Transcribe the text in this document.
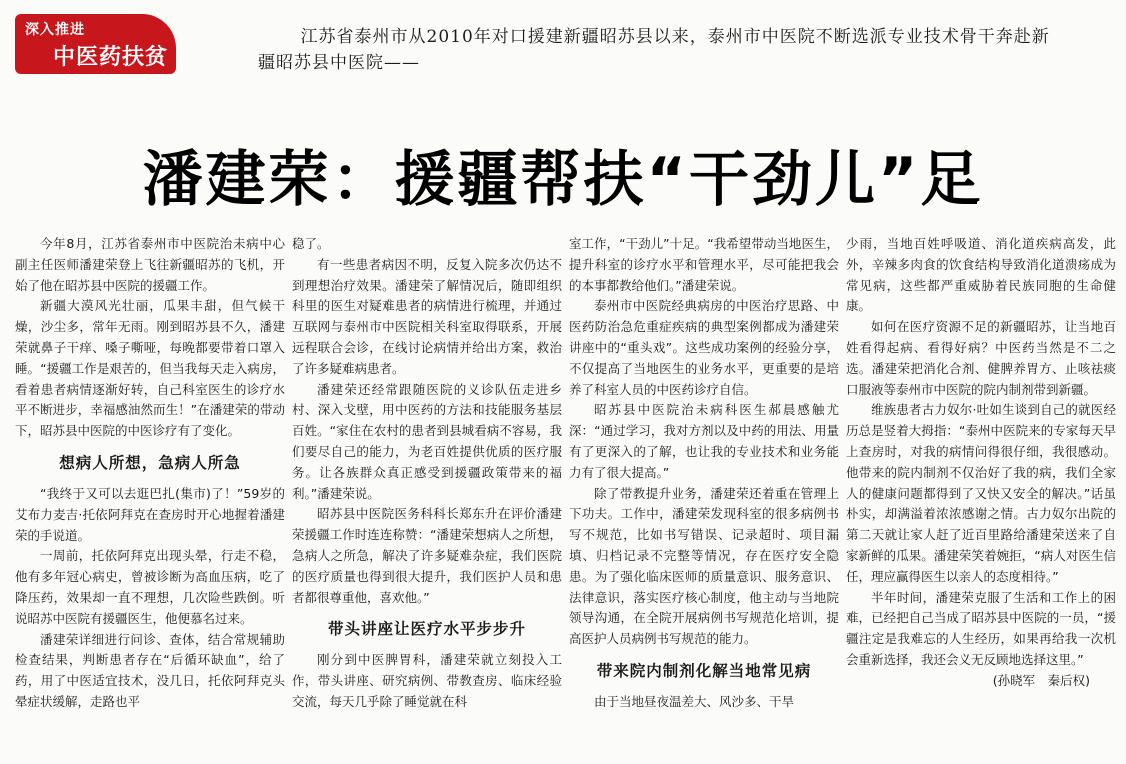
深入推进
中医药扶贫
江苏省泰州市从2010年对口援建新疆昭苏县以来，泰州市中医院不断选派专业技术骨干奔赴新疆昭苏县中医院——
潘建荣：援疆帮扶“干劲儿”足

今年8月，江苏省泰州市中医院治未病中心副主任医师潘建荣登上飞往新疆昭苏的飞机，开始了他在昭苏县中医院的援疆工作。

新疆大漠风光壮丽，瓜果丰甜，但气候干燥，沙尘多，常年无雨。刚到昭苏县不久，潘建荣就鼻子干痒、嗓子嘶哑，每晚都要带着口罩入睡。“援疆工作是艰苦的，但当我每天走入病房，看着患者病情逐渐好转，自己科室医生的诊疗水平不断进步，幸福感油然而生！”在潘建荣的带动下，昭苏县中医院的中医诊疗有了变化。

想病人所想，急病人所急

“我终于又可以去逛巴扎(集市)了！”59岁的艾布力麦吉·托依阿拜克在查房时开心地握着潘建荣的手说道。

一周前，托依阿拜克出现头晕，行走不稳，他有多年冠心病史，曾被诊断为高血压病，吃了降压药，效果却一直不理想，几次险些跌倒。听说昭苏中医院有援疆医生，他便慕名过来。

潘建荣详细进行问诊、查体，结合常规辅助检查结果，判断患者存在“后循环缺血”，给了药，用了中医适宜技术，没几日，托依阿拜克头晕症状缓解，走路也平

稳了。

有一些患者病因不明，反复入院多次仍达不到理想治疗效果。潘建荣了解情况后，随即组织科里的医生对疑难患者的病情进行梳理，并通过互联网与泰州市中医院相关科室取得联系，开展远程联合会诊，在线讨论病情并给出方案，救治了许多疑难病患者。

潘建荣还经常跟随医院的义诊队伍走进乡村、深入戈壁，用中医药的方法和技能服务基层百姓。“家住在农村的患者到县城看病不容易，我们要尽自己的能力，为老百姓提供优质的医疗服务。让各族群众真正感受到援疆政策带来的福利。”潘建荣说。

昭苏县中医院医务科科长郑东升在评价潘建荣援疆工作时连连称赞：“潘建荣想病人之所想，急病人之所急，解决了许多疑难杂症，我们医院的医疗质量也得到很大提升，我们医护人员和患者都很尊重他，喜欢他。”

带头讲座让医疗水平步步升

刚分到中医脾胃科，潘建荣就立刻投入工作，带头讲座、研究病例、带教查房、临床经验交流，每天几乎除了睡觉就在科

室工作，“干劲儿”十足。“我希望带动当地医生，提升科室的诊疗水平和管理水平，尽可能把我会的本事都教给他们。”潘建荣说。

泰州市中医院经典病房的中医治疗思路、中医药防治急危重症疾病的典型案例都成为潘建荣讲座中的“重头戏”。这些成功案例的经验分享，不仅提高了当地医生的业务水平，更重要的是培养了科室人员的中医药诊疗自信。

昭苏县中医院治未病科医生郝晨感触尤深：“通过学习，我对方剂以及中药的用法、用量有了更深入的了解，也让我的专业技术和业务能力有了很大提高。”

除了带教提升业务，潘建荣还着重在管理上下功夫。工作中，潘建荣发现科室的很多病例书写不规范，比如书写错误、记录超时、项目漏填、归档记录不完整等情况，存在医疗安全隐患。为了强化临床医师的质量意识、服务意识、法律意识，落实医疗核心制度，他主动与当地院领导沟通，在全院开展病例书写规范化培训，提高医护人员病例书写规范的能力。

带来院内制剂化解当地常见病

由于当地昼夜温差大、风沙多、干旱

少雨，当地百姓呼吸道、消化道疾病高发，此外，辛辣多肉食的饮食结构导致消化道溃疡成为常见病，这些都严重威胁着民族同胞的生命健康。

如何在医疗资源不足的新疆昭苏，让当地百姓看得起病、看得好病？中医药当然是不二之选。潘建荣把消化合剂、健脾养胃方、止咳祛痰口服液等泰州市中医院的院内制剂带到新疆。

维族患者古力奴尔·吐如生谈到自己的就医经历总是竖着大拇指：“泰州中医院来的专家每天早上查房时，对我的病情问得很仔细，我很感动。他带来的院内制剂不仅治好了我的病，我们全家人的健康问题都得到了又快又安全的解决。”话虽朴实，却满溢着浓浓感谢之情。古力奴尔出院的第二天就让家人赶了近百里路给潘建荣送来了自家新鲜的瓜果。潘建荣笑着婉拒，“病人对医生信任，理应赢得医生以亲人的态度相待。”

半年时间，潘建荣克服了生活和工作上的困难，已经把自己当成了昭苏县中医院的一员，“援疆注定是我难忘的人生经历，如果再给我一次机会重新选择，我还会义无反顾地选择这里。”

(孙晓军　秦后权)
